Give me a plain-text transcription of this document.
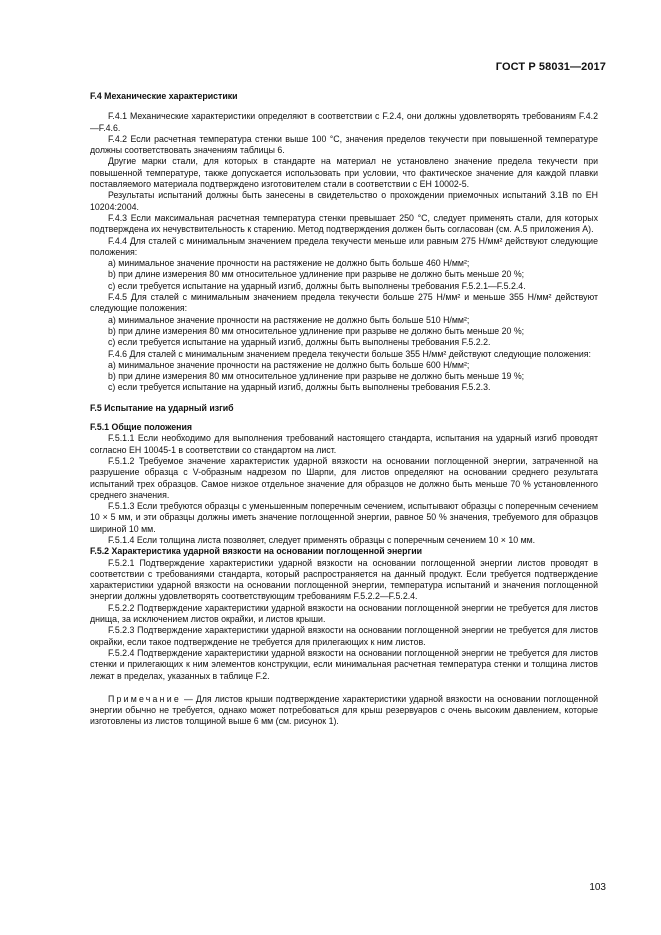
ГОСТ Р 58031—2017

F.4 Механические характеристики

F.4.1 Механические характеристики определяют в соответствии с F.2.4, они должны удовлетворять требованиям F.4.2—F.4.6.

F.4.2 Если расчетная температура стенки выше 100 °С, значения пределов текучести при повышенной температуре должны соответствовать значениям таблицы 6.

Другие марки стали, для которых в стандарте на материал не установлено значение предела текучести при повышенной температуре, также допускается использовать при условии, что фактическое значение для каждой плавки поставляемого материала подтверждено изготовителем стали в соответствии с ЕН 10002-5.

Результаты испытаний должны быть занесены в свидетельство о прохождении приемочных испытаний 3.1В по ЕН 10204:2004.

F.4.3 Если максимальная расчетная температура стенки превышает 250 °С, следует применять стали, для которых подтверждена их нечувствительность к старению. Метод подтверждения должен быть согласован (см. А.5 приложения А).

F.4.4 Для сталей с минимальным значением предела текучести меньше или равным 275 Н/мм² действуют следующие положения:

a) минимальное значение прочности на растяжение не должно быть больше 460 Н/мм²;

b) при длине измерения 80 мм относительное удлинение при разрыве не должно быть меньше 20 %;

c) если требуется испытание на ударный изгиб, должны быть выполнены требования F.5.2.1—F.5.2.4.

F.4.5 Для сталей с минимальным значением предела текучести больше 275 Н/мм² и меньше 355 Н/мм² действуют следующие положения:

a) минимальное значение прочности на растяжение не должно быть больше 510 Н/мм²;

b) при длине измерения 80 мм относительное удлинение при разрыве не должно быть меньше 20 %;

c) если требуется испытание на ударный изгиб, должны быть выполнены требования F.5.2.2.

F.4.6 Для сталей с минимальным значением предела текучести больше 355 Н/мм² действуют следующие положения:

a) минимальное значение прочности на растяжение не должно быть больше 600 Н/мм²;

b) при длине измерения 80 мм относительное удлинение при разрыве не должно быть меньше 19 %;

c) если требуется испытание на ударный изгиб, должны быть выполнены требования F.5.2.3.

F.5 Испытание на ударный изгиб

F.5.1 Общие положения

F.5.1.1 Если необходимо для выполнения требований настоящего стандарта, испытания на ударный изгиб проводят согласно ЕН 10045-1 в соответствии со стандартом на лист.

F.5.1.2 Требуемое значение характеристик ударной вязкости на основании поглощенной энергии, затраченной на разрушение образца с V-образным надрезом по Шарпи, для листов определяют на основании среднего результата испытаний трех образцов. Самое низкое отдельное значение для образцов не должно быть меньше 70 % установленного среднего значения.

F.5.1.3 Если требуются образцы с уменьшенным поперечным сечением, испытывают образцы с поперечным сечением 10 × 5 мм, и эти образцы должны иметь значение поглощенной энергии, равное 50 % значения, требуемого для образцов шириной 10 мм.

F.5.1.4 Если толщина листа позволяет, следует применять образцы с поперечным сечением 10 × 10 мм.

F.5.2 Характеристика ударной вязкости на основании поглощенной энергии

F.5.2.1 Подтверждение характеристики ударной вязкости на основании поглощенной энергии листов проводят в соответствии с требованиями стандарта, который распространяется на данный продукт. Если требуется подтверждение характеристики ударной вязкости на основании поглощенной энергии, температура испытаний и значения поглощенной энергии должны удовлетворять соответствующим требованиям F.5.2.2—F.5.2.4.

F.5.2.2 Подтверждение характеристики ударной вязкости на основании поглощенной энергии не требуется для листов днища, за исключением листов окрайки, и листов крыши.

F.5.2.3 Подтверждение характеристики ударной вязкости на основании поглощенной энергии не требуется для листов окрайки, если такое подтверждение не требуется для прилегающих к ним листов.

F.5.2.4 Подтверждение характеристики ударной вязкости на основании поглощенной энергии не требуется для листов стенки и прилегающих к ним элементов конструкции, если минимальная расчетная температура стенки и толщина листов лежат в пределах, указанных в таблице F.2.

Примечание — Для листов крыши подтверждение характеристики ударной вязкости на основании поглощенной энергии обычно не требуется, однако может потребоваться для крыш резервуаров с очень высоким давлением, которые изготовлены из листов толщиной выше 6 мм (см. рисунок 1).

103
